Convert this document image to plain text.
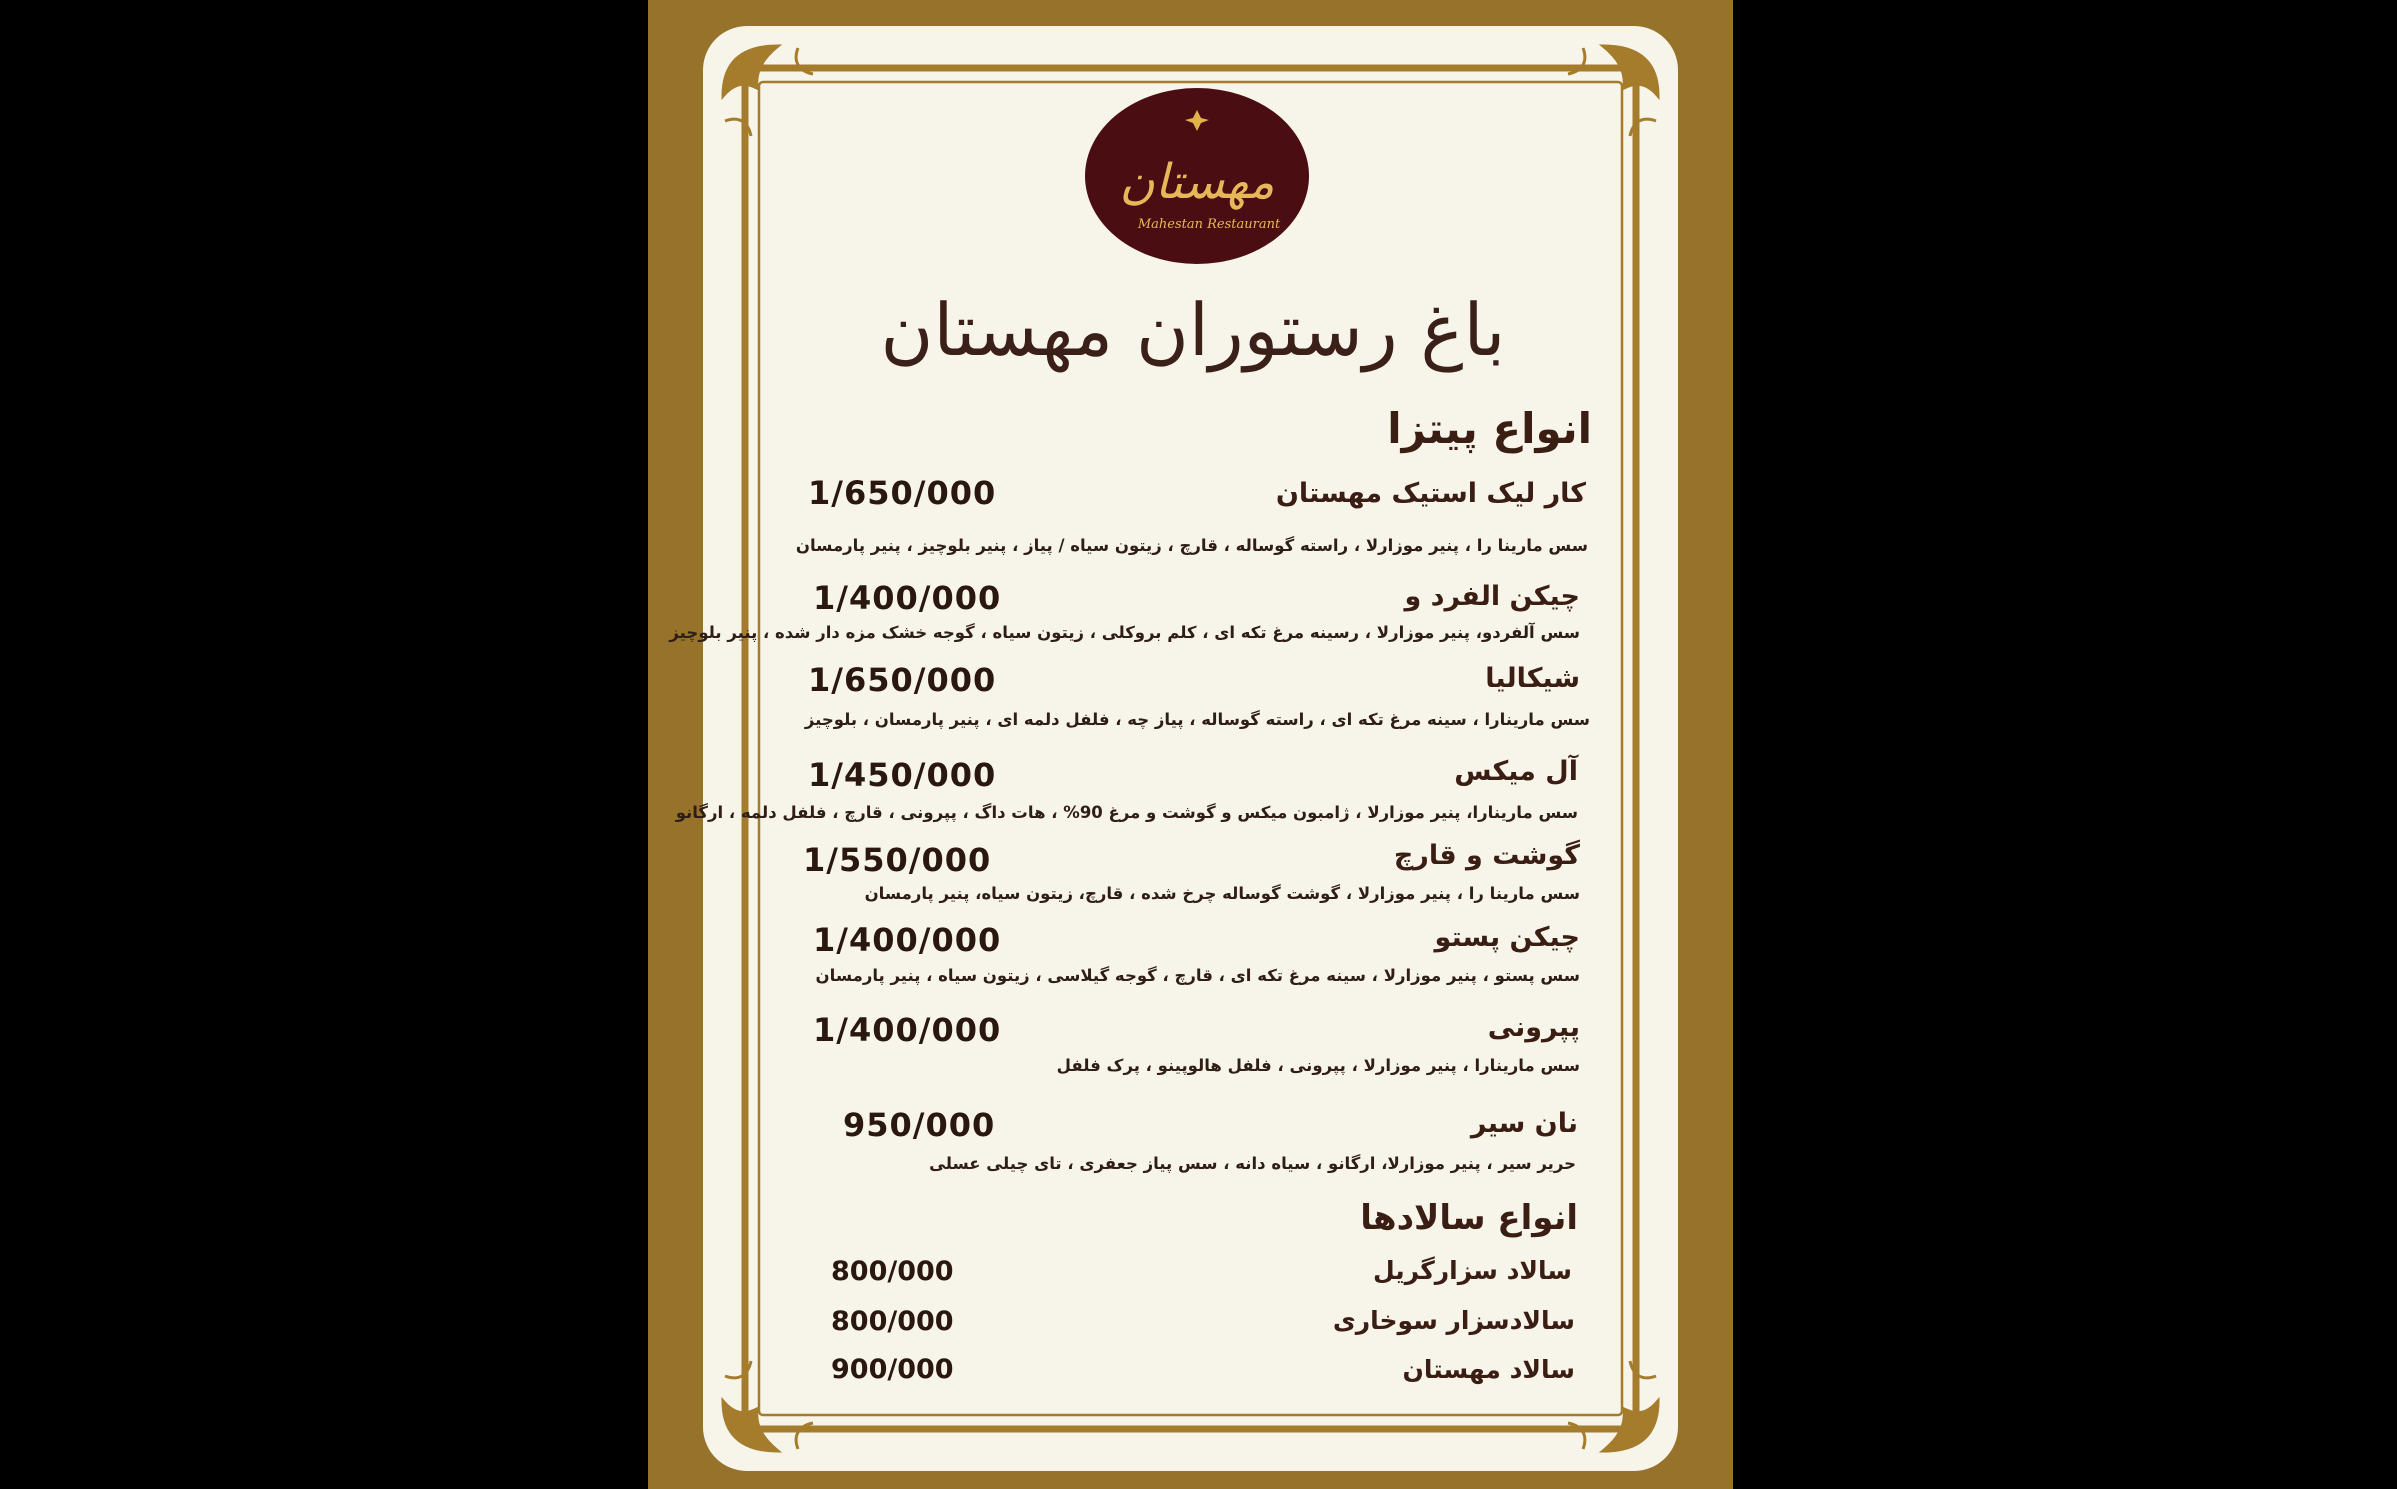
مهستان
Mahestan Restaurant
باغ رستوران مهستان
انواع پیتزا
کار لیک استیک مهستان
1/650/000
سس مارینا را ، پنیر موزارلا ، راسته گوساله ، قارچ ، زیتون سیاه / پیاز ، پنیر بلوچیز ، پنیر پارمسان
چیکن الفرد و
1/400/000
سس آلفردو، پنیر موزارلا ، رسینه مرغ تکه ای ، کلم بروکلی ، زیتون سیاه ، گوجه خشک مزه دار شده ، پنیر بلوچیز
شیکالیا
1/650/000
سس مارینارا ، سینه مرغ تکه ای ، راسته گوساله ، پیاز چه ، فلفل دلمه ای ، پنیر پارمسان ، بلوچیز
آل میکس
1/450/000
سس مارینارا، پنیر موزارلا ، ژامبون میکس و گوشت و مرغ 90% ، هات داگ ، پپرونی ، قارچ ، فلفل دلمه ، ارگانو
گوشت و قارچ
1/550/000
سس مارینا را ، پنیر موزارلا ، گوشت گوساله چرخ شده ، قارچ، زیتون سیاه، پنیر پارمسان
چیکن پستو
1/400/000
سس پستو ، پنیر موزارلا ، سینه مرغ تکه ای ، قارچ ، گوجه گیلاسی ، زیتون سیاه ، پنیر پارمسان
پپرونی
1/400/000
سس مارینارا ، پنیر موزارلا ، پپرونی ، فلفل هالوپینو ، پرک فلفل
نان سیر
950/000
حریر سیر ، پنیر موزارلا، ارگانو ، سیاه دانه ، سس پیاز جعفری ، تای چیلی عسلی
انواع سالادها
سالاد سزارگریل
800/000
سالادسزار سوخاری
800/000
سالاد مهستان
900/000
